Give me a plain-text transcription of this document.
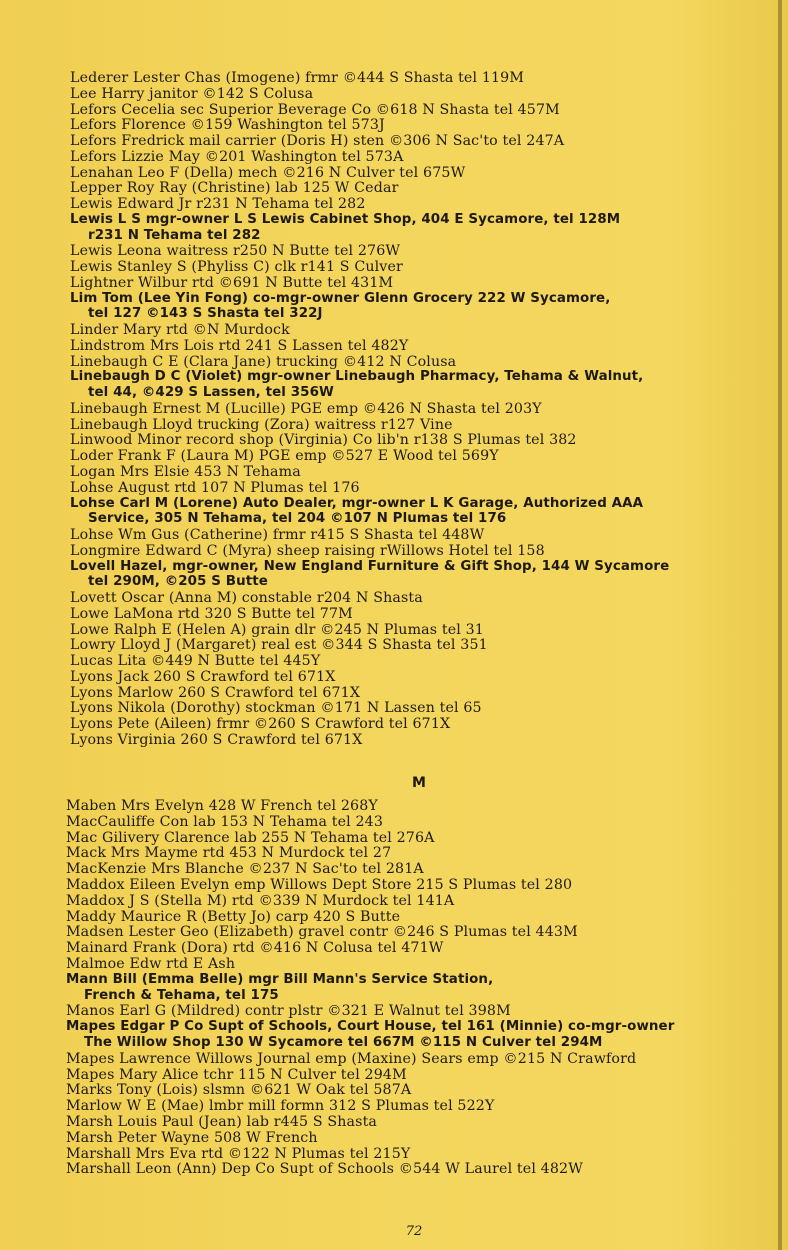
Lederer Lester Chas (Imogene) frmr ©444 S Shasta tel 119M
Lee Harry janitor ©142 S Colusa
Lefors Cecelia sec Superior Beverage Co ©618 N Shasta tel 457M
Lefors Florence ©159 Washington tel 573J
Lefors Fredrick mail carrier (Doris H) sten ©306 N Sac'to tel 247A
Lefors Lizzie May ©201 Washington tel 573A
Lenahan Leo F (Della) mech ©216 N Culver tel 675W
Lepper Roy Ray (Christine) lab 125 W Cedar
Lewis Edward Jr r231 N Tehama tel 282
Lewis L S mgr-owner L S Lewis Cabinet Shop, 404 E Sycamore, tel 128M
r231 N Tehama tel 282
Lewis Leona waitress r250 N Butte tel 276W
Lewis Stanley S (Phyliss C) clk r141 S Culver
Lightner Wilbur rtd ©691 N Butte tel 431M
Lim Tom (Lee Yin Fong) co-mgr-owner Glenn Grocery 222 W Sycamore,
tel 127 ©143 S Shasta tel 322J
Linder Mary rtd ©N Murdock
Lindstrom Mrs Lois rtd 241 S Lassen tel 482Y
Linebaugh C E (Clara Jane) trucking ©412 N Colusa
Linebaugh D C (Violet) mgr-owner Linebaugh Pharmacy, Tehama & Walnut,
tel 44, ©429 S Lassen, tel 356W
Linebaugh Ernest M (Lucille) PGE emp ©426 N Shasta tel 203Y
Linebaugh Lloyd trucking (Zora) waitress r127 Vine
Linwood Minor record shop (Virginia) Co lib'n r138 S Plumas tel 382
Loder Frank F (Laura M) PGE emp ©527 E Wood tel 569Y
Logan Mrs Elsie 453 N Tehama
Lohse August rtd 107 N Plumas tel 176
Lohse Carl M (Lorene) Auto Dealer, mgr-owner L K Garage, Authorized AAA
Service, 305 N Tehama, tel 204 ©107 N Plumas tel 176
Lohse Wm Gus (Catherine) frmr r415 S Shasta tel 448W
Longmire Edward C (Myra) sheep raising rWillows Hotel tel 158
Lovell Hazel, mgr-owner, New England Furniture & Gift Shop, 144 W Sycamore
tel 290M, ©205 S Butte
Lovett Oscar (Anna M) constable r204 N Shasta
Lowe LaMona rtd 320 S Butte tel 77M
Lowe Ralph E (Helen A) grain dlr ©245 N Plumas tel 31
Lowry Lloyd J (Margaret) real est ©344 S Shasta tel 351
Lucas Lita ©449 N Butte tel 445Y
Lyons Jack 260 S Crawford tel 671X
Lyons Marlow 260 S Crawford tel 671X
Lyons Nikola (Dorothy) stockman ©171 N Lassen tel 65
Lyons Pete (Aileen) frmr ©260 S Crawford tel 671X
Lyons Virginia 260 S Crawford tel 671X
Maben Mrs Evelyn 428 W French tel 268Y
MacCauliffe Con lab 153 N Tehama tel 243
Mac Gilivery Clarence lab 255 N Tehama tel 276A
Mack Mrs Mayme rtd 453 N Murdock tel 27
MacKenzie Mrs Blanche ©237 N Sac'to tel 281A
Maddox Eileen Evelyn emp Willows Dept Store 215 S Plumas tel 280
Maddox J S (Stella M) rtd ©339 N Murdock tel 141A
Maddy Maurice R (Betty Jo) carp 420 S Butte
Madsen Lester Geo (Elizabeth) gravel contr ©246 S Plumas tel 443M
Mainard Frank (Dora) rtd ©416 N Colusa tel 471W
Malmoe Edw rtd E Ash
Mann Bill (Emma Belle) mgr Bill Mann's Service Station,
French & Tehama, tel 175
Manos Earl G (Mildred) contr plstr ©321 E Walnut tel 398M
Mapes Edgar P Co Supt of Schools, Court House, tel 161 (Minnie) co-mgr-owner
The Willow Shop 130 W Sycamore tel 667M ©115 N Culver tel 294M
Mapes Lawrence Willows Journal emp (Maxine) Sears emp ©215 N Crawford
Mapes Mary Alice tchr 115 N Culver tel 294M
Marks Tony (Lois) slsmn ©621 W Oak tel 587A
Marlow W E (Mae) lmbr mill formn 312 S Plumas tel 522Y
Marsh Louis Paul (Jean) lab r445 S Shasta
Marsh Peter Wayne 508 W French
Marshall Mrs Eva rtd ©122 N Plumas tel 215Y
Marshall Leon (Ann) Dep Co Supt of Schools ©544 W Laurel tel 482W
M
72
